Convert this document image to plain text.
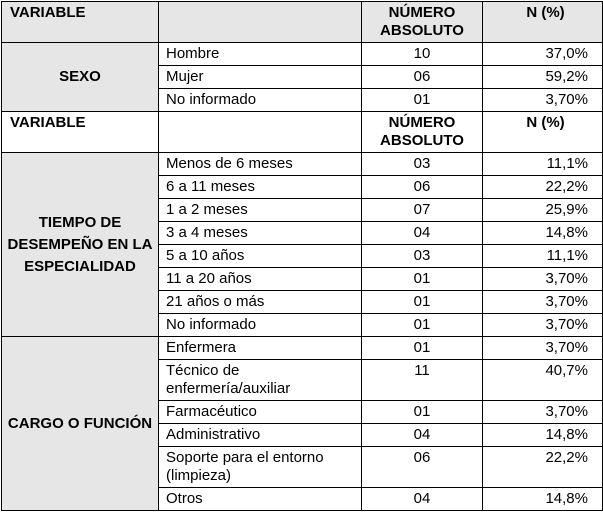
VARIABLE		NÚMERO ABSOLUTO	N (%)
SEXO	Hombre	10	37,0%
	Mujer	06	59,2%
	No informado	01	3,70%
VARIABLE		NÚMERO ABSOLUTO	N (%)
TIEMPO DE DESEMPEÑO EN LA ESPECIALIDAD	Menos de 6 meses	03	11,1%
	6 a 11 meses	06	22,2%
	1 a 2 meses	07	25,9%
	3 a 4 meses	04	14,8%
	5 a 10 años	03	11,1%
	11 a 20 años	01	3,70%
	21 años o más	01	3,70%
	No informado	01	3,70%
CARGO O FUNCIÓN	Enfermera	01	3,70%
	Técnico de enfermería/auxiliar	11	40,7%
	Farmacéutico	01	3,70%
	Administrativo	04	14,8%
	Soporte para el entorno (limpieza)	06	22,2%
	Otros	04	14,8%
